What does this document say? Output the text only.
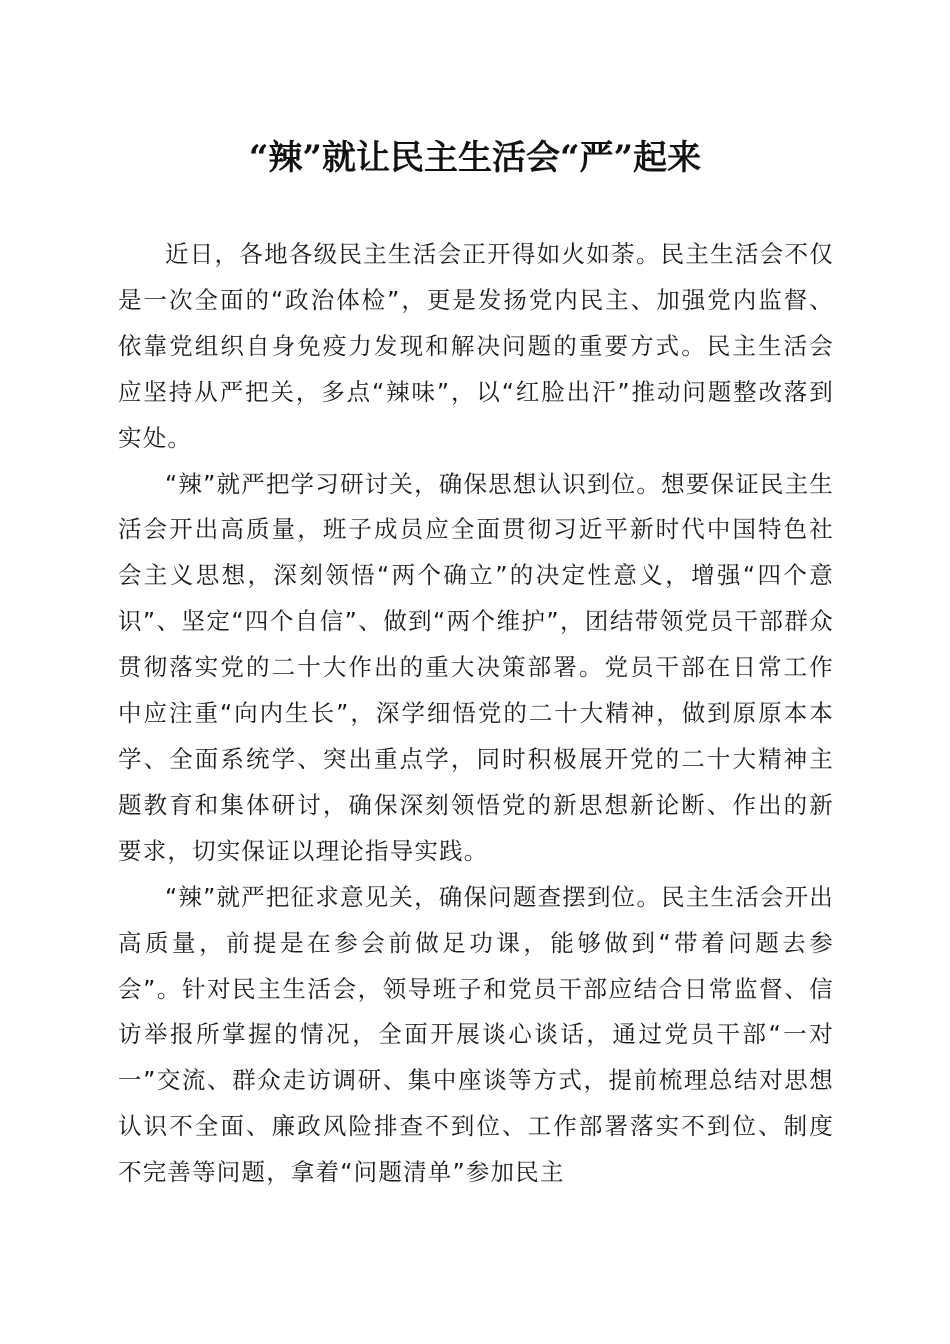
“辣”就让民主生活会“严”起来

近日，各地各级民主生活会正开得如火如荼。民主生活会不仅是一次全面的“政治体检”，更是发扬党内民主、加强党内监督、依靠党组织自身免疫力发现和解决问题的重要方式。民主生活会应坚持从严把关，多点“辣味”，以“红脸出汗”推动问题整改落到实处。

“辣”就严把学习研讨关，确保思想认识到位。想要保证民主生活会开出高质量，班子成员应全面贯彻习近平新时代中国特色社会主义思想，深刻领悟“两个确立”的决定性意义，增强“四个意识”、坚定“四个自信”、做到“两个维护”，团结带领党员干部群众贯彻落实党的二十大作出的重大决策部署。党员干部在日常工作中应注重“向内生长”，深学细悟党的二十大精神，做到原原本本学、全面系统学、突出重点学，同时积极展开党的二十大精神主题教育和集体研讨，确保深刻领悟党的新思想新论断、作出的新要求，切实保证以理论指导实践。

“辣”就严把征求意见关，确保问题查摆到位。民主生活会开出高质量，前提是在参会前做足功课，能够做到“带着问题去参会”。针对民主生活会，领导班子和党员干部应结合日常监督、信访举报所掌握的情况，全面开展谈心谈话，通过党员干部“一对一”交流、群众走访调研、集中座谈等方式，提前梳理总结对思想认识不全面、廉政风险排查不到位、工作部署落实不到位、制度不完善等问题，拿着“问题清单”参加民主
